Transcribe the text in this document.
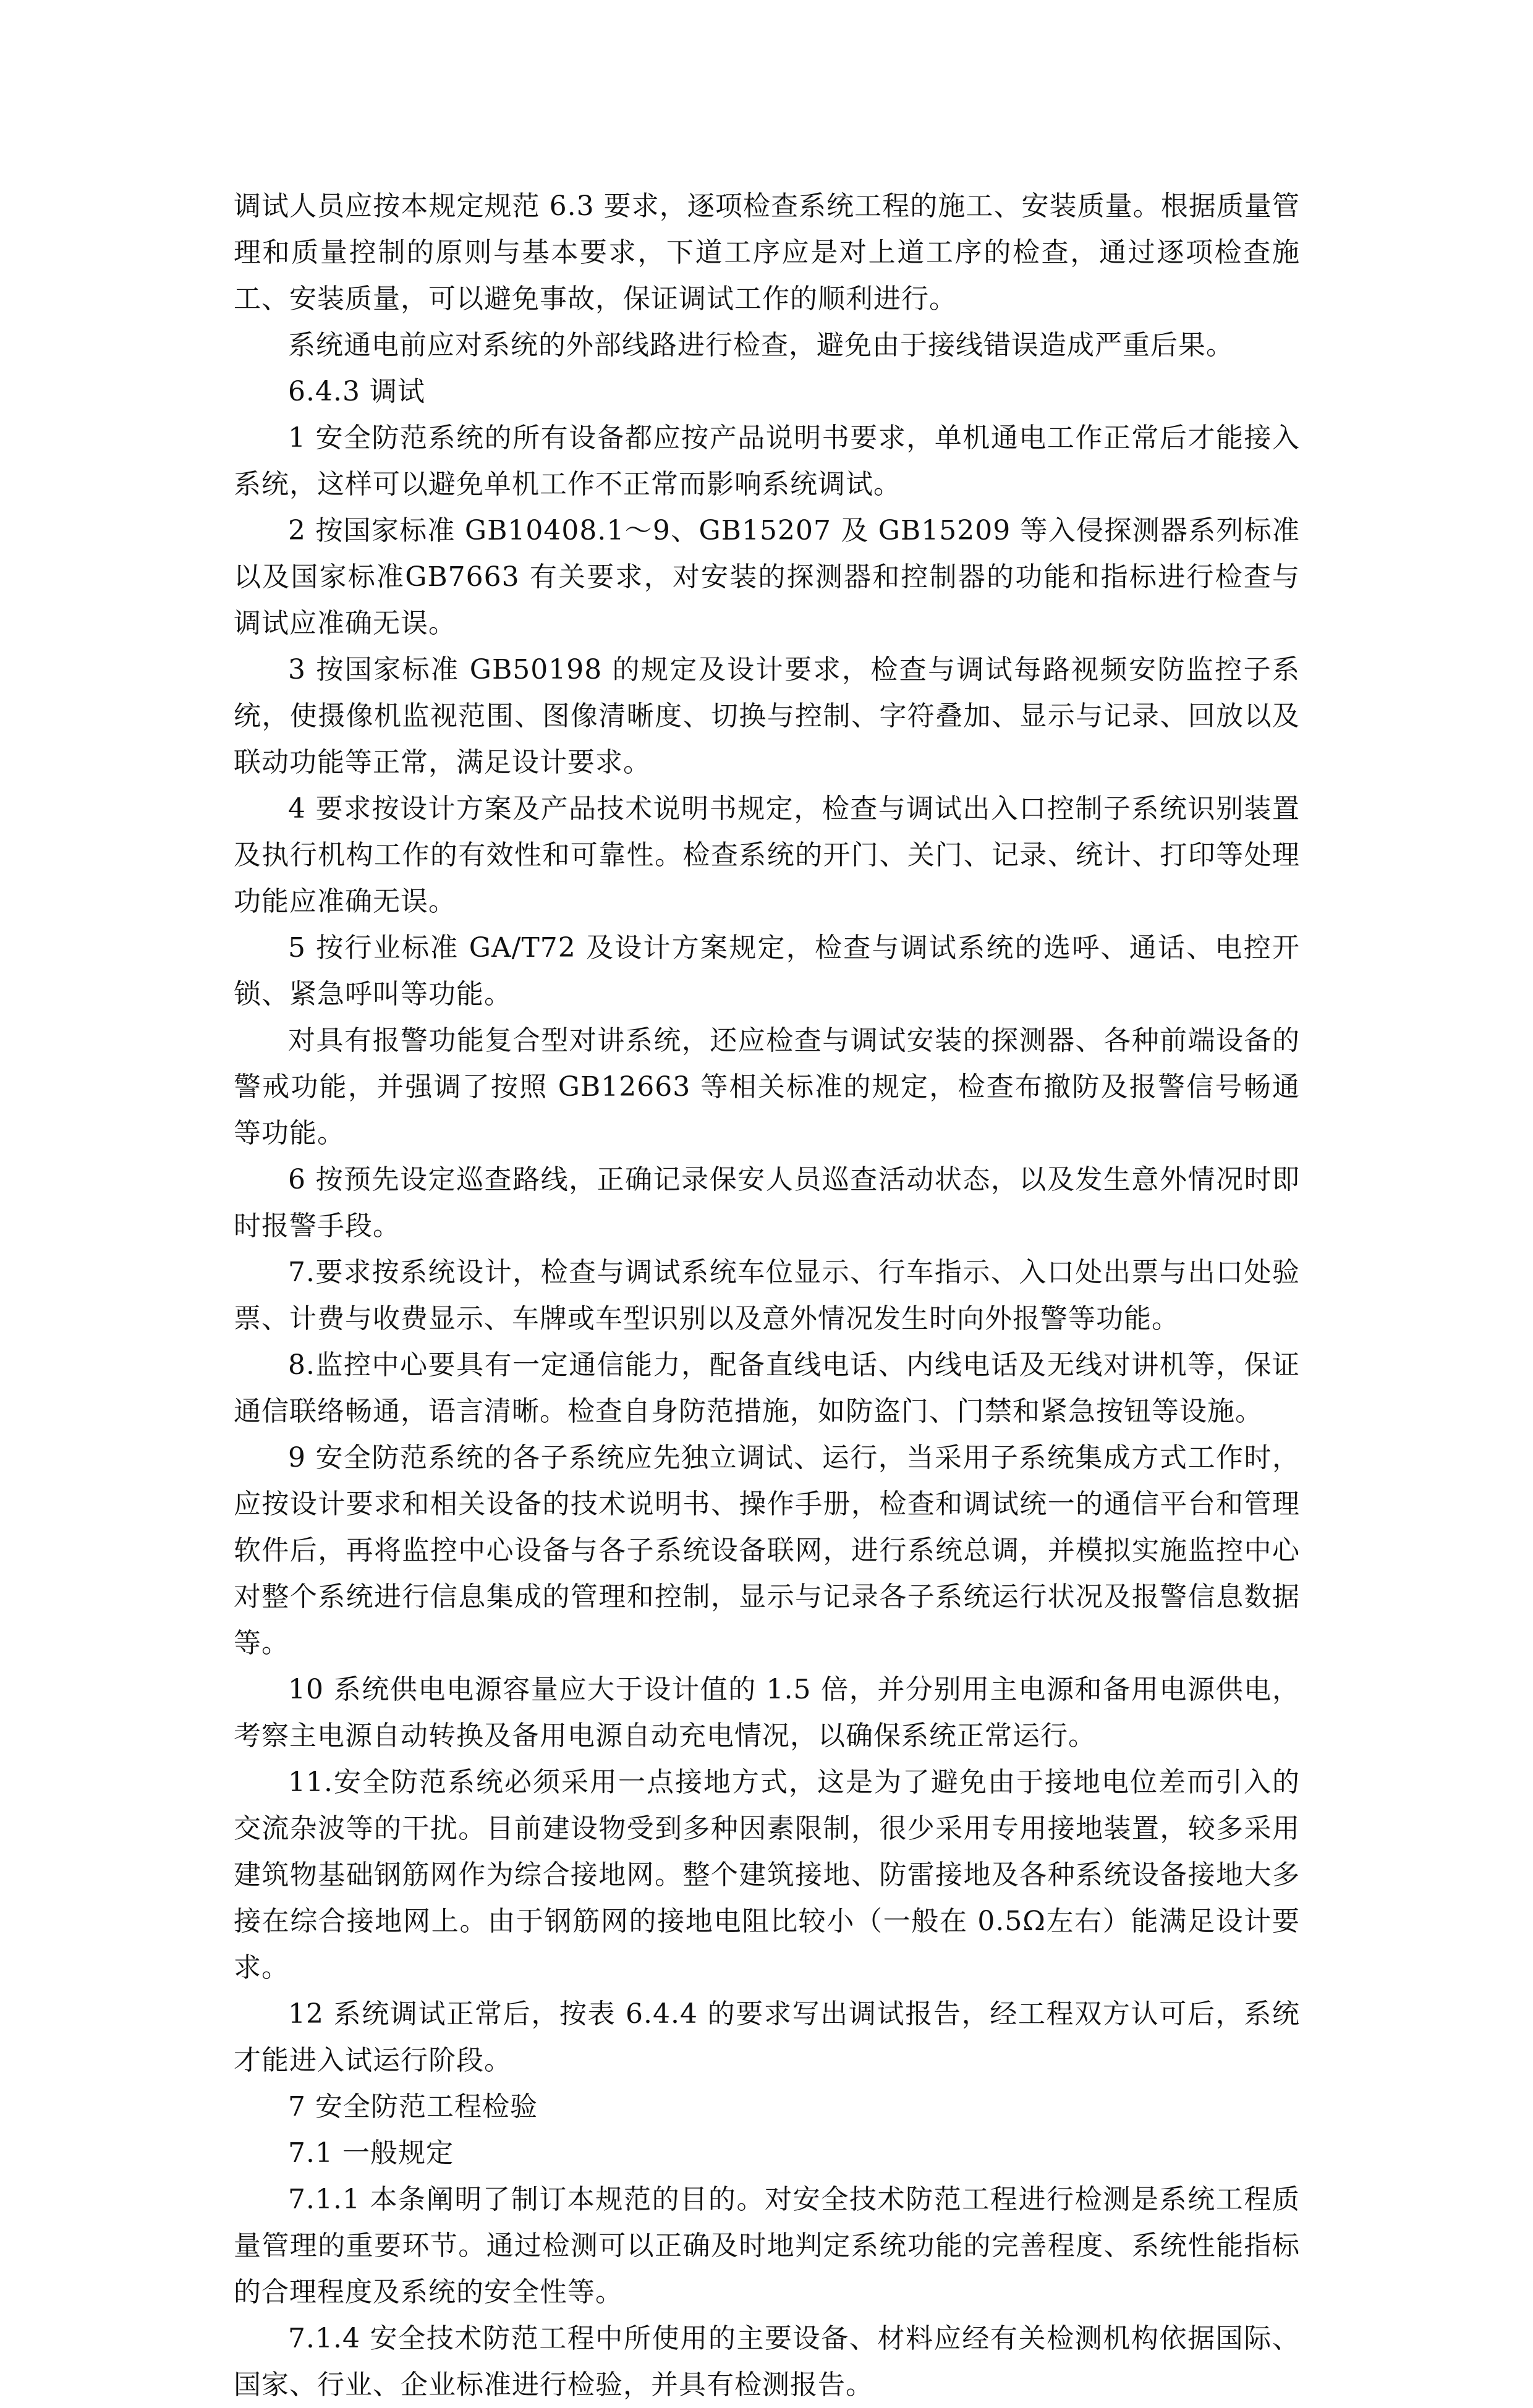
调试人员应按本规定规范 6.3 要求，逐项检查系统工程的施工、安装质量。根据质量管理和质量控制的原则与基本要求，下道工序应是对上道工序的检查，通过逐项检查施工、安装质量，可以避免事故，保证调试工作的顺利进行。

系统通电前应对系统的外部线路进行检查，避免由于接线错误造成严重后果。

6.4.3 调试

1 安全防范系统的所有设备都应按产品说明书要求，单机通电工作正常后才能接入系统，这样可以避免单机工作不正常而影响系统调试。

2 按国家标准 GB10408.1～9、GB15207 及 GB15209 等入侵探测器系列标准以及国家标准GB7663 有关要求，对安装的探测器和控制器的功能和指标进行检查与调试应准确无误。

3 按国家标准 GB50198 的规定及设计要求，检查与调试每路视频安防监控子系统，使摄像机监视范围、图像清晰度、切换与控制、字符叠加、显示与记录、回放以及联动功能等正常，满足设计要求。

4 要求按设计方案及产品技术说明书规定，检查与调试出入口控制子系统识别装置及执行机构工作的有效性和可靠性。检查系统的开门、关门、记录、统计、打印等处理功能应准确无误。

5 按行业标准 GA/T72 及设计方案规定，检查与调试系统的选呼、通话、电控开锁、紧急呼叫等功能。

对具有报警功能复合型对讲系统，还应检查与调试安装的探测器、各种前端设备的警戒功能，并强调了按照 GB12663 等相关标准的规定，检查布撤防及报警信号畅通等功能。

6 按预先设定巡查路线，正确记录保安人员巡查活动状态，以及发生意外情况时即时报警手段。

7.要求按系统设计，检查与调试系统车位显示、行车指示、入口处出票与出口处验票、计费与收费显示、车牌或车型识别以及意外情况发生时向外报警等功能。

8.监控中心要具有一定通信能力，配备直线电话、内线电话及无线对讲机等，保证通信联络畅通，语言清晰。检查自身防范措施，如防盗门、门禁和紧急按钮等设施。

9 安全防范系统的各子系统应先独立调试、运行，当采用子系统集成方式工作时，应按设计要求和相关设备的技术说明书、操作手册，检查和调试统一的通信平台和管理软件后，再将监控中心设备与各子系统设备联网，进行系统总调，并模拟实施监控中心对整个系统进行信息集成的管理和控制，显示与记录各子系统运行状况及报警信息数据等。

10 系统供电电源容量应大于设计值的 1.5 倍，并分别用主电源和备用电源供电，考察主电源自动转换及备用电源自动充电情况，以确保系统正常运行。

11.安全防范系统必须采用一点接地方式，这是为了避免由于接地电位差而引入的交流杂波等的干扰。目前建设物受到多种因素限制，很少采用专用接地装置，较多采用建筑物基础钢筋网作为综合接地网。整个建筑接地、防雷接地及各种系统设备接地大多接在综合接地网上。由于钢筋网的接地电阻比较小（一般在 0.5Ω左右）能满足设计要求。

12 系统调试正常后，按表 6.4.4 的要求写出调试报告，经工程双方认可后，系统才能进入试运行阶段。

7 安全防范工程检验

7.1 一般规定

7.1.1 本条阐明了制订本规范的目的。对安全技术防范工程进行检测是系统工程质量管理的重要环节。通过检测可以正确及时地判定系统功能的完善程度、系统性能指标的合理程度及系统的安全性等。

7.1.4 安全技术防范工程中所使用的主要设备、材料应经有关检测机构依据国际、国家、行业、企业标准进行检验，并具有检测报告。
